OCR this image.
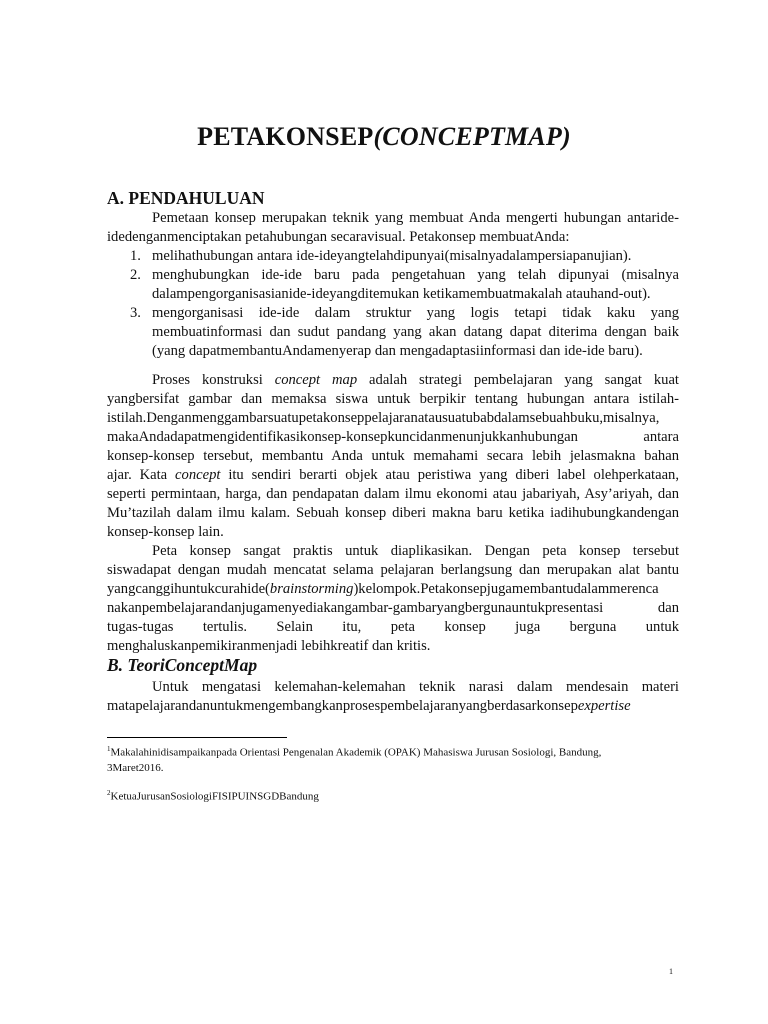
PETAKONSEP(CONCEPTMAP)
A. PENDAHULUAN
Pemetaan konsep merupakan teknik yang membuat Anda mengerti hubungan antaride-
idedenganmenciptakan petahubungan secaravisual. Petakonsep membuatAnda:
1. melihathubungan antara ide-ideyangtelahdipunyai(misalnyadalampersiapanujian).
2. menghubungkan ide-ide baru pada pengetahuan yang telah dipunyai (misalnya
dalampengorganisasianide-ideyangditemukan ketikamembuatmakalah atauhand-out).
3. mengorganisasi ide-ide dalam struktur yang logis tetapi tidak kaku yang
membuatinformasi dan sudut pandang yang akan datang dapat diterima dengan baik
(yang dapatmembantuAndamenyerap dan mengadaptasiinformasi dan ide-ide baru).
Proses konstruksi concept map adalah strategi pembelajaran yang sangat kuat
yangbersifat gambar dan memaksa siswa untuk berpikir tentang hubungan antara istilah-
istilah.Denganmenggambarsuatupetakonseppelajaranatausuatubabdalamsebuahbuku,misalnya,
makaAndadapatmengidentifikasikonsep-konsepkuncidanmenunjukkanhubungan antara
konsep-konsep tersebut, membantu Anda untuk memahami secara lebih jelasmakna bahan
ajar. Kata concept itu sendiri berarti objek atau peristiwa yang diberi label olehperkataan,
seperti permintaan, harga, dan pendapatan dalam ilmu ekonomi atau jabariyah, Asy’ariyah, dan
Mu’tazilah dalam ilmu kalam. Sebuah konsep diberi makna baru ketika iadihubungkandengan
konsep-konsep lain.
Peta konsep sangat praktis untuk diaplikasikan. Dengan peta konsep tersebut
siswadapat dengan mudah mencatat selama pelajaran berlangsung dan merupakan alat bantu
yangcanggihuntukcurahide(brainstorming)kelompok.Petakonsepjugamembantudalammerenca
nakanpembelajarandanjugamenyediakangambar-gambaryangbergunauntukpresentasi dan
tugas-tugas tertulis. Selain itu, peta konsep juga berguna untuk
menghaluskanpemikiranmenjadi lebihkreatif dan kritis.
B. TeoriConceptMap
Untuk mengatasi kelemahan-kelemahan teknik narasi dalam mendesain materi
matapelajarandanuntukmengembangkanprosespembelajaranyangberdasarkonsepexpertise
$^1$Makalahinidisampaikanpada Orientasi Pengenalan Akademik (OPAK) Mahasiswa Jurusan Sosiologi, Bandung,
3Maret2016.
$^2$KetuaJurusanSosiologiFISIPUINSGDBandung
1
